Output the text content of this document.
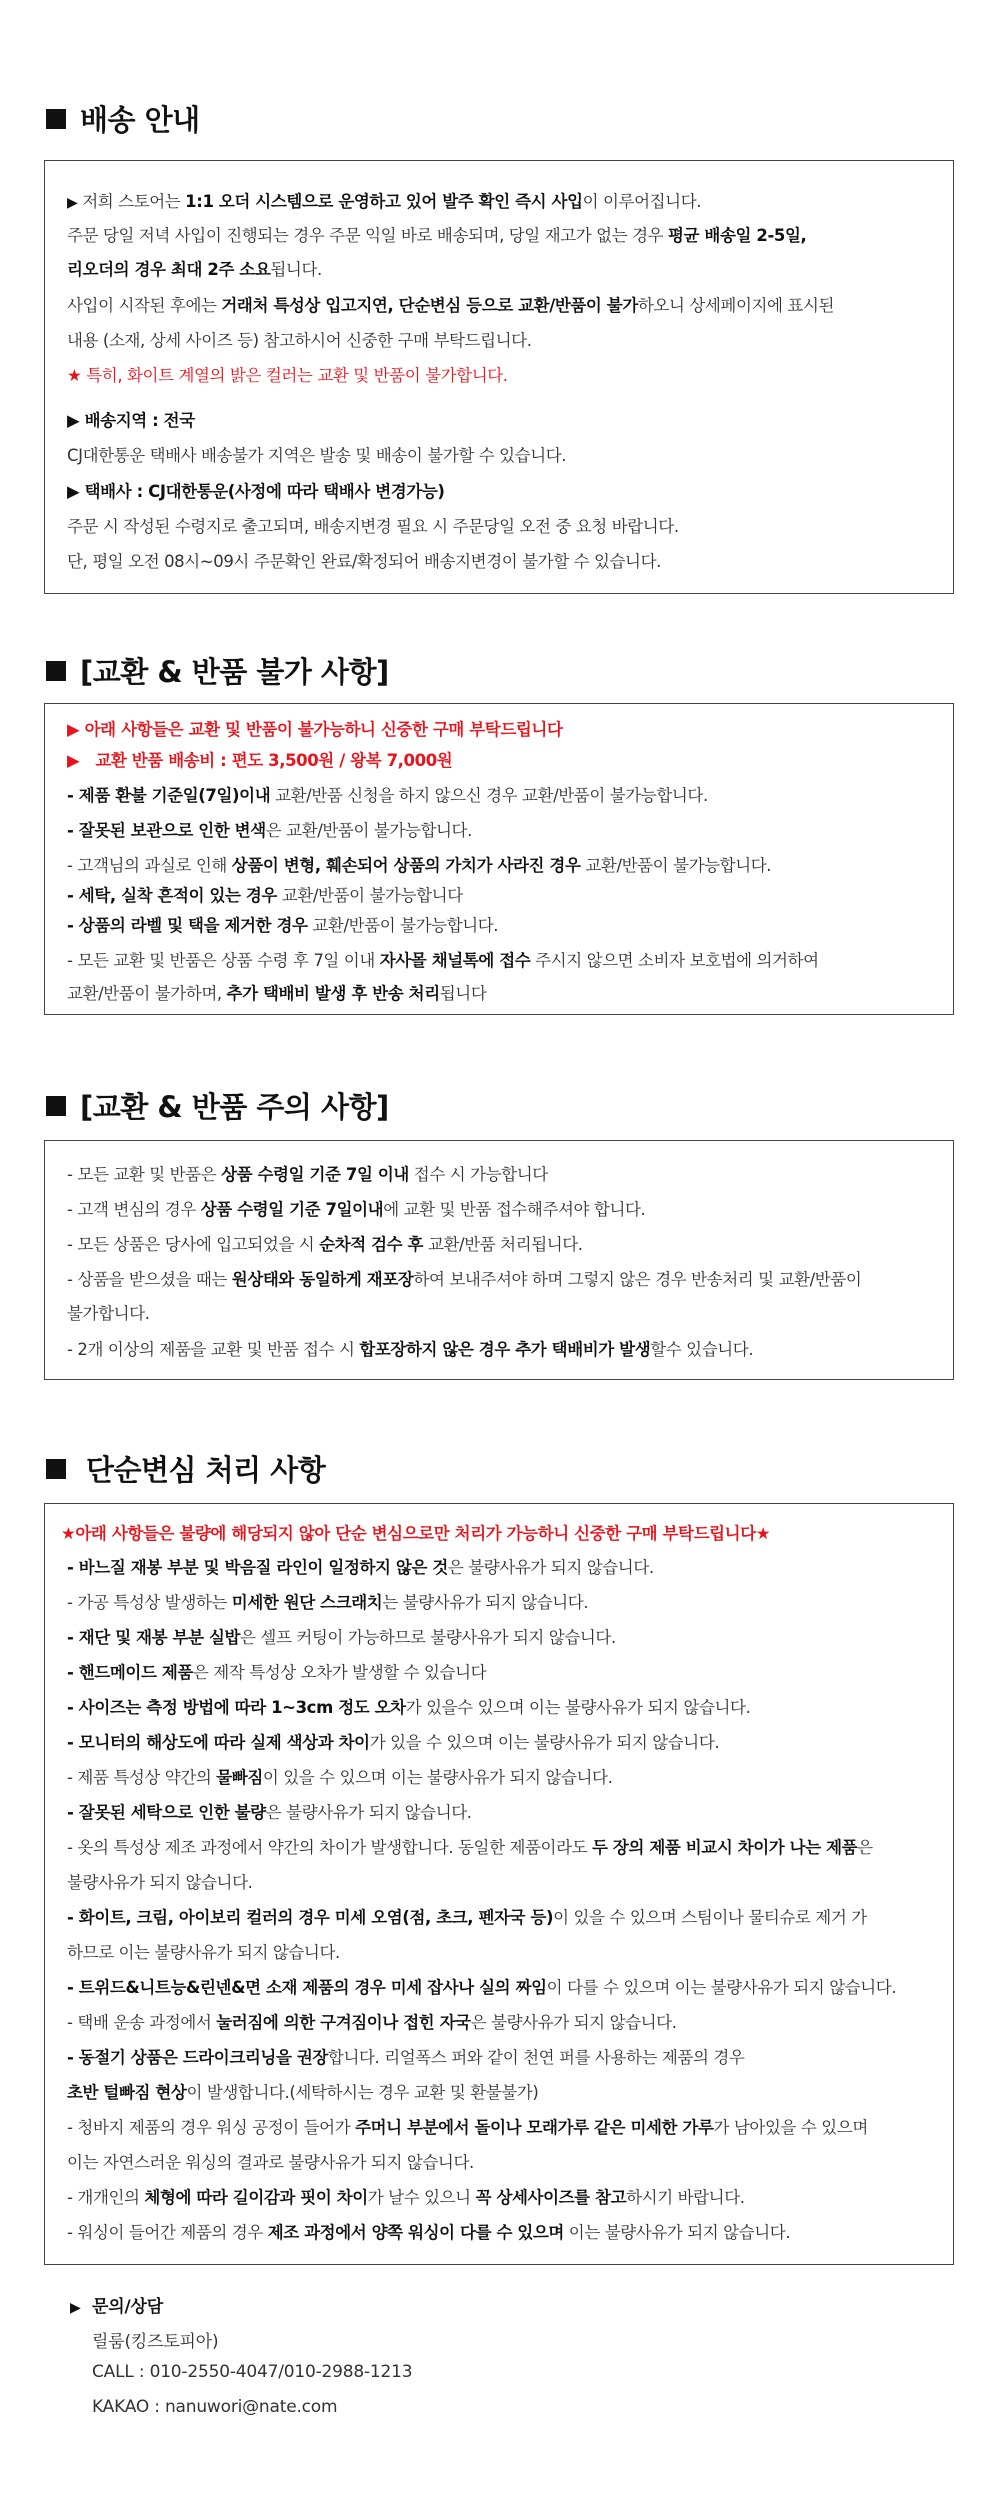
배송 안내
▶ 저희 스토어는 1:1 오더 시스템으로 운영하고 있어 발주 확인 즉시 사입이 이루어집니다.
주문 당일 저녁 사입이 진행되는 경우 주문 익일 바로 배송되며, 당일 재고가 없는 경우 평균 배송일 2-5일,
리오더의 경우 최대 2주 소요됩니다.
사입이 시작된 후에는 거래처 특성상 입고지연, 단순변심 등으로 교환/반품이 불가하오니 상세페이지에 표시된
내용 (소재, 상세 사이즈 등) 참고하시어 신중한 구매 부탁드립니다.
★ 특히, 화이트 계열의 밝은 컬러는 교환 및 반품이 불가합니다.
▶ 배송지역 : 전국
CJ대한통운 택배사 배송불가 지역은 발송 및 배송이 불가할 수 있습니다.
▶ 택배사 : CJ대한통운(사정에 따라 택배사 변경가능)
주문 시 작성된 수령지로 출고되며, 배송지변경 필요 시 주문당일 오전 중 요청 바랍니다.
단, 평일 오전 08시~09시 주문확인 완료/확정되어 배송지변경이 불가할 수 있습니다.
[교환 & 반품 불가 사항]
▶ 아래 사항들은 교환 및 반품이 불가능하니 신중한 구매 부탁드립니다
▶   교환 반품 배송비 : 편도 3,500원 / 왕복 7,000원
- 제품 환불 기준일(7일)이내 교환/반품 신청을 하지 않으신 경우 교환/반품이 불가능합니다.
- 잘못된 보관으로 인한 변색은 교환/반품이 불가능합니다.
- 고객님의 과실로 인해 상품이 변형, 훼손되어 상품의 가치가 사라진 경우 교환/반품이 불가능합니다.
- 세탁, 실착 흔적이 있는 경우 교환/반품이 불가능합니다
- 상품의 라벨 및 택을 제거한 경우 교환/반품이 불가능합니다.
- 모든 교환 및 반품은 상품 수령 후 7일 이내 자사몰 채널톡에 접수 주시지 않으면 소비자 보호법에 의거하여
교환/반품이 불가하며, 추가 택배비 발생 후 반송 처리됩니다
[교환 & 반품 주의 사항]
- 모든 교환 및 반품은 상품 수령일 기준 7일 이내 접수 시 가능합니다
- 고객 변심의 경우 상품 수령일 기준 7일이내에 교환 및 반품 접수해주셔야 합니다.
- 모든 상품은 당사에 입고되었을 시 순차적 검수 후 교환/반품 처리됩니다.
- 상품을 받으셨을 때는 원상태와 동일하게 재포장하여 보내주셔야 하며 그렇지 않은 경우 반송처리 및 교환/반품이
불가합니다.
- 2개 이상의 제품을 교환 및 반품 접수 시 합포장하지 않은 경우 추가 택배비가 발생할수 있습니다.
단순변심 처리 사항
★아래 사항들은 불량에 해당되지 않아 단순 변심으로만 처리가 가능하니 신중한 구매 부탁드립니다★
- 바느질 재봉 부분 및 박음질 라인이 일정하지 않은 것은 불량사유가 되지 않습니다.
- 가공 특성상 발생하는 미세한 원단 스크래치는 불량사유가 되지 않습니다.
- 재단 및 재봉 부분 실밥은 셀프 커팅이 가능하므로 불량사유가 되지 않습니다.
- 핸드메이드 제품은 제작 특성상 오차가 발생할 수 있습니다
- 사이즈는 측정 방법에 따라 1~3cm 정도 오차가 있을수 있으며 이는 불량사유가 되지 않습니다.
- 모니터의 해상도에 따라 실제 색상과 차이가 있을 수 있으며 이는 불량사유가 되지 않습니다.
- 제품 특성상 약간의 물빠짐이 있을 수 있으며 이는 불량사유가 되지 않습니다.
- 잘못된 세탁으로 인한 불량은 불량사유가 되지 않습니다.
- 옷의 특성상 제조 과정에서 약간의 차이가 발생합니다. 동일한 제품이라도 두 장의 제품 비교시 차이가 나는 제품은
불량사유가 되지 않습니다.
- 화이트, 크림, 아이보리 컬러의 경우 미세 오염(점, 초크, 펜자국 등)이 있을 수 있으며 스팀이나 물티슈로 제거 가
하므로 이는 불량사유가 되지 않습니다.
- 트위드&니트능&린넨&면 소재 제품의 경우 미세 잡사나 실의 짜임이 다를 수 있으며 이는 불량사유가 되지 않습니다.
- 택배 운송 과정에서 눌러짐에 의한 구겨짐이나 접힌 자국은 불량사유가 되지 않습니다.
- 동절기 상품은 드라이크리닝을 권장합니다. 리얼폭스 퍼와 같이 천연 퍼를 사용하는 제품의 경우
초반 털빠짐 현상이 발생합니다.(세탁하시는 경우 교환 및 환불불가)
- 청바지 제품의 경우 워싱 공정이 들어가 주머니 부분에서 돌이나 모래가루 같은 미세한 가루가 남아있을 수 있으며
이는 자연스러운 워싱의 결과로 불량사유가 되지 않습니다.
- 개개인의 체형에 따라 길이감과 핏이 차이가 날수 있으니 꼭 상세사이즈를 참고하시기 바랍니다.
- 워싱이 들어간 제품의 경우 제조 과정에서 양쪽 워싱이 다를 수 있으며 이는 불량사유가 되지 않습니다.
▶ 문의/상담
릴룸(킹즈토피아)
CALL : 010-2550-4047/010-2988-1213
KAKAO : nanuwori@nate.com
